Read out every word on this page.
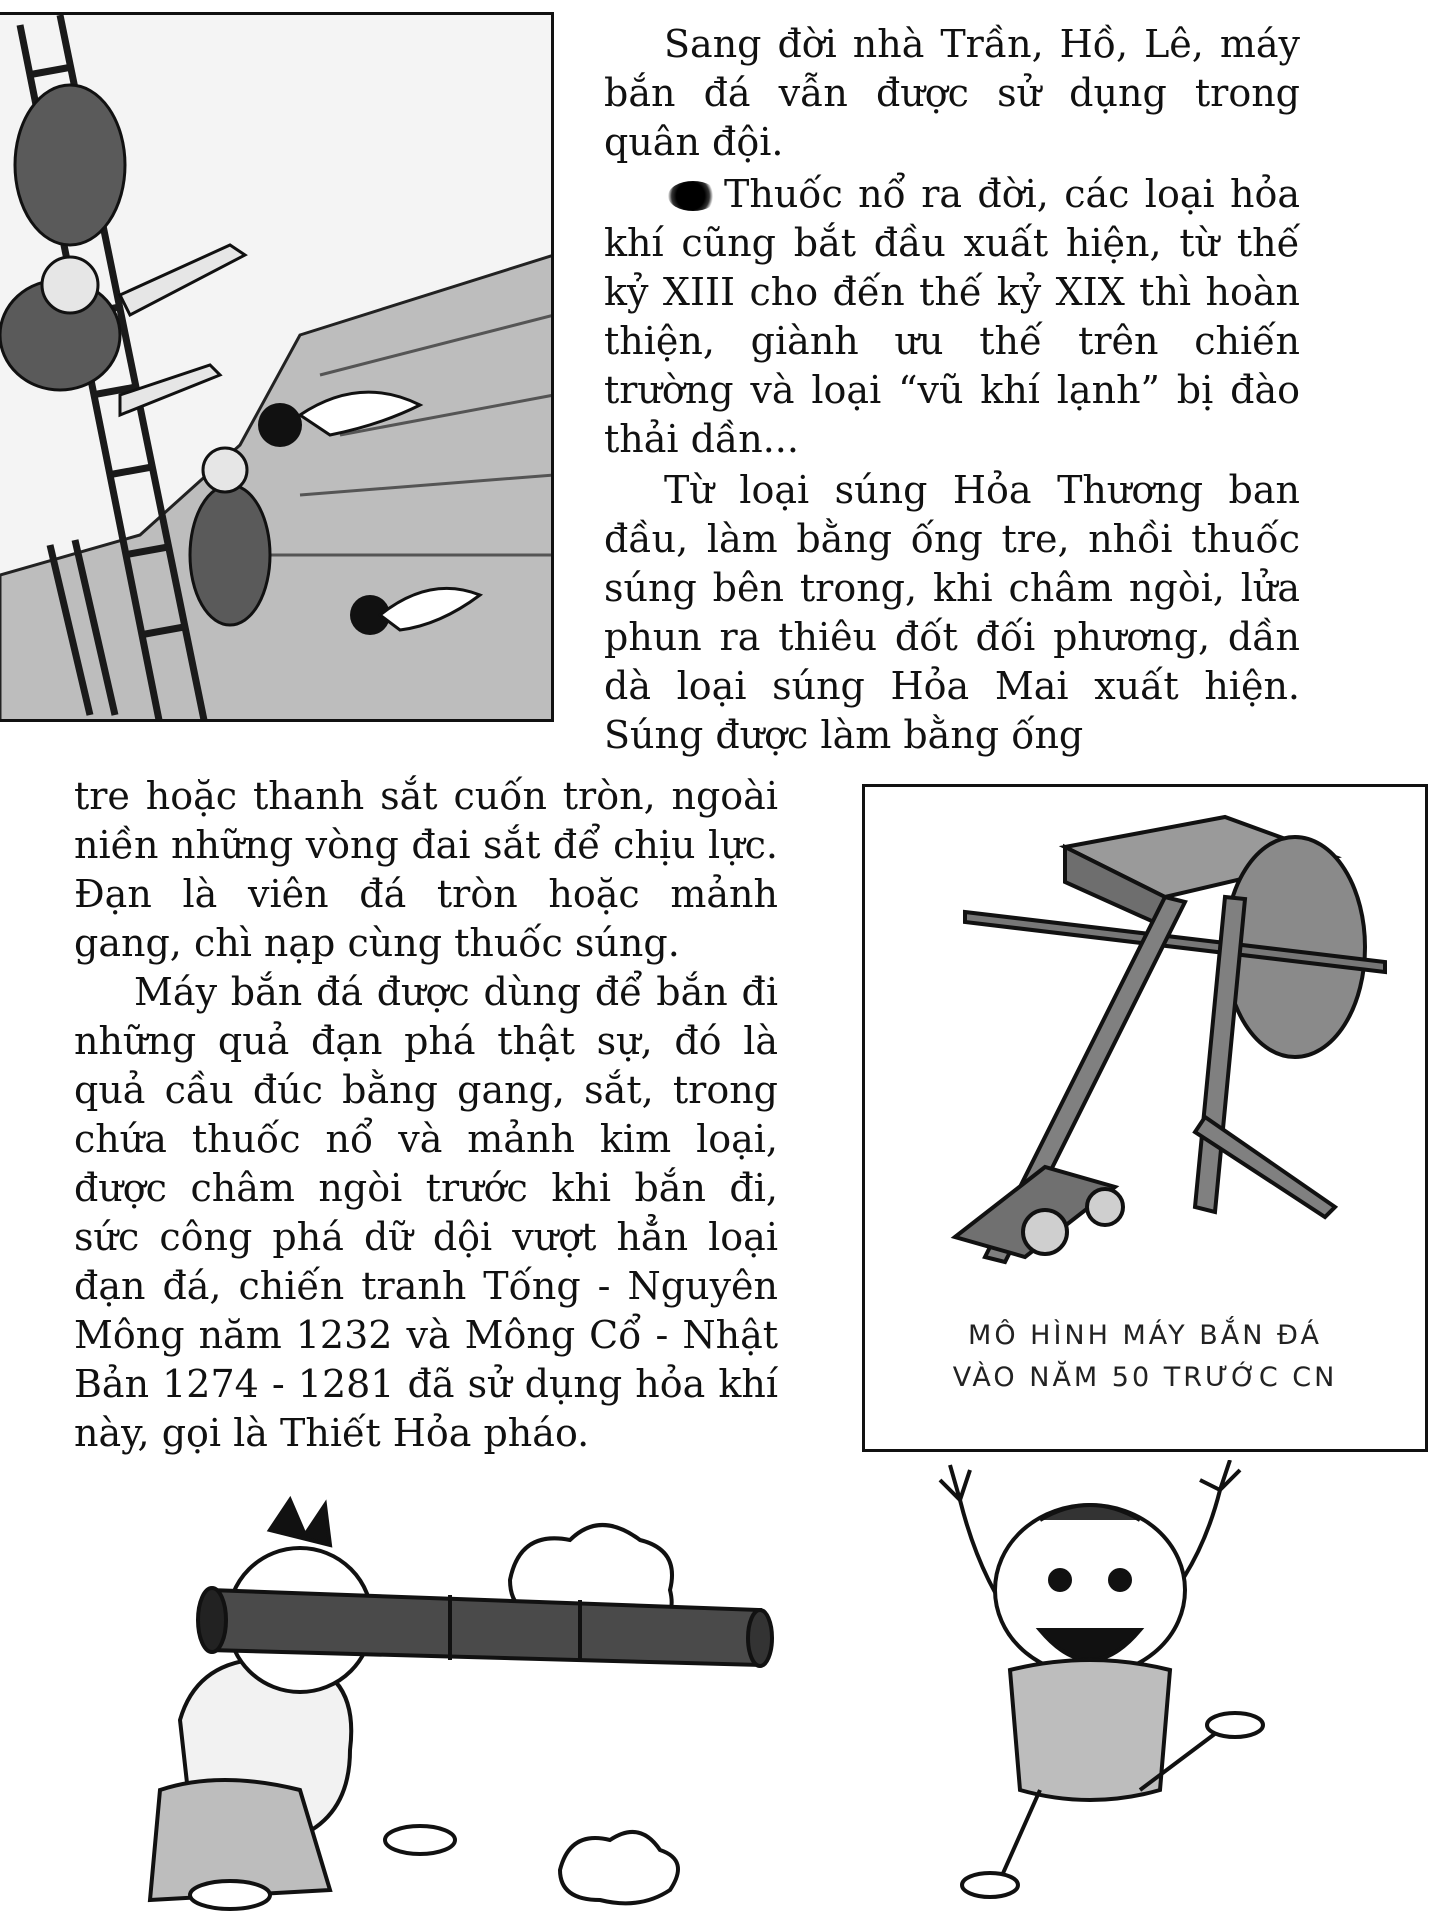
Sang đời nhà Trần, Hồ, Lê, máy bắn đá vẫn được sử dụng trong quân đội.

Thuốc nổ ra đời, các loại hỏa khí cũng bắt đầu xuất hiện, từ thế kỷ XIII cho đến thế kỷ XIX thì hoàn thiện, giành ưu thế trên chiến trường và loại “vũ khí lạnh” bị đào thải dần...

Từ loại súng Hỏa Thương ban đầu, làm bằng ống tre, nhồi thuốc súng bên trong, khi châm ngòi, lửa phun ra thiêu đốt đối phương, dần dà loại súng Hỏa Mai xuất hiện. Súng được làm bằng ống

tre hoặc thanh sắt cuốn tròn, ngoài niền những vòng đai sắt để chịu lực. Đạn là viên đá tròn hoặc mảnh gang, chì nạp cùng thuốc súng.

Máy bắn đá được dùng để bắn đi những quả đạn phá thật sự, đó là quả cầu đúc bằng gang, sắt, trong chứa thuốc nổ và mảnh kim loại, được châm ngòi trước khi bắn đi, sức công phá dữ dội vượt hẳn loại đạn đá, chiến tranh Tống - Nguyên Mông năm 1232 và Mông Cổ - Nhật Bản 1274 - 1281 đã sử dụng hỏa khí này, gọi là Thiết Hỏa pháo.

MÔ HÌNH MÁY BẮN ĐÁ
VÀO NĂM 50 TRƯỚC CN
